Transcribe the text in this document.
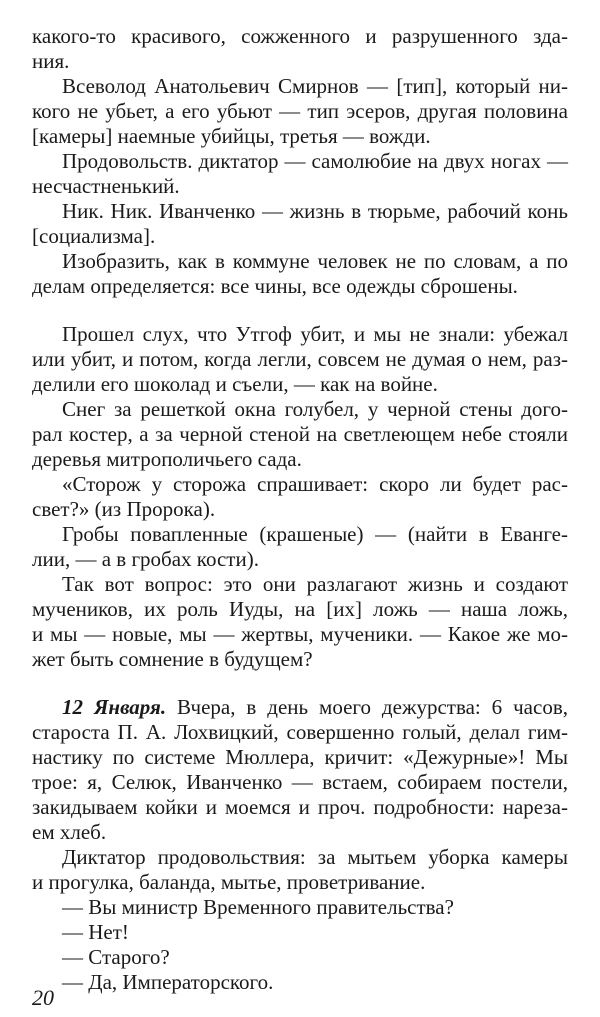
какого-то красивого, сожженного и разрушенного зда-
ния.
Всеволод Анатольевич Смирнов — [тип], который ни-
кого не убьет, а его убьют — тип эсеров, другая половина
[камеры] наемные убийцы, третья — вожди.
Продовольств. диктатор — самолюбие на двух ногах —
несчастненький.
Ник. Ник. Иванченко — жизнь в тюрьме, рабочий конь
[социализма].
Изобразить, как в коммуне человек не по словам, а по
делам определяется: все чины, все одежды сброшены.
Прошел слух, что Утгоф убит, и мы не знали: убежал
или убит, и потом, когда легли, совсем не думая о нем, раз-
делили его шоколад и съели, — как на войне.
Снег за решеткой окна голубел, у черной стены дого-
рал костер, а за черной стеной на светлеющем небе стояли
деревья митрополичьего сада.
«Сторож у сторожа спрашивает: скоро ли будет рас-
свет?» (из Пророка).
Гробы повапленные (крашеные) — (найти в Еванге-
лии, — а в гробах кости).
Так вот вопрос: это они разлагают жизнь и создают
мучеников, их роль Иуды, на [их] ложь — наша ложь,
и мы — новые, мы — жертвы, мученики. — Какое же мо-
жет быть сомнение в будущем?
12 Января. Вчера, в день моего дежурства: 6 часов,
староста П. А. Лохвицкий, совершенно голый, делал гим-
настику по системе Мюллера, кричит: «Дежурные»! Мы
трое: я, Селюк, Иванченко — встаем, собираем постели,
закидываем койки и моемся и проч. подробности: нареза-
ем хлеб.
Диктатор продовольствия: за мытьем уборка камеры
и прогулка, баланда, мытье, проветривание.
— Вы министр Временного правительства?
— Нет!
— Старого?
— Да, Императорского.
20
